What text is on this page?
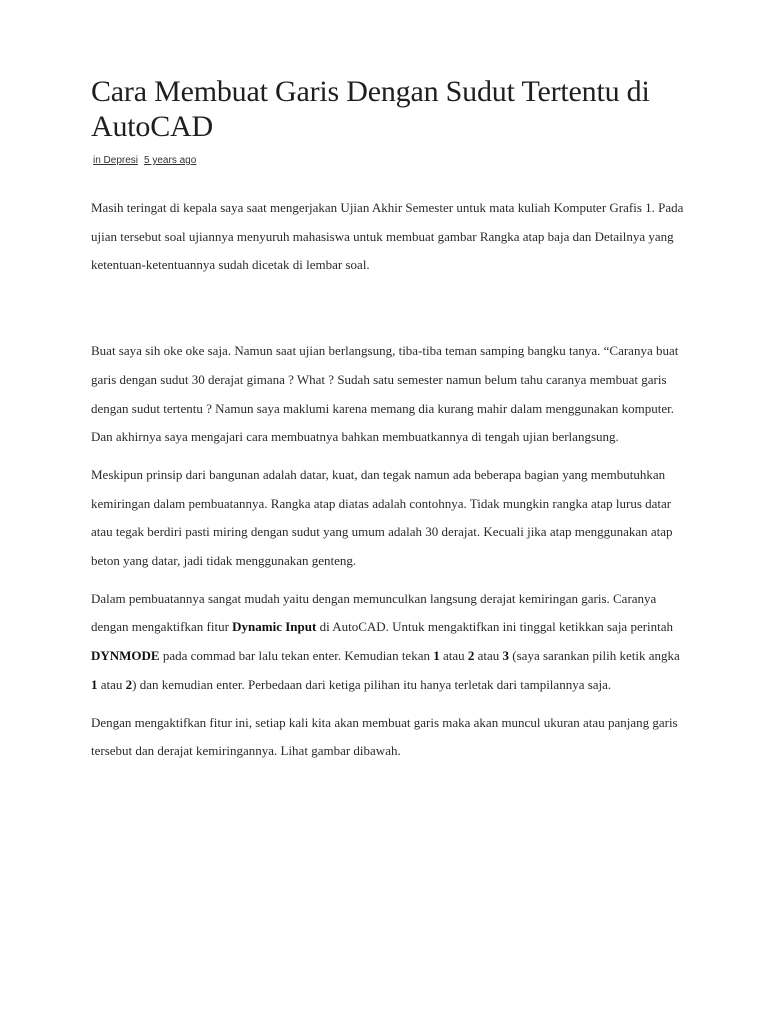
Cara Membuat Garis Dengan Sudut Tertentu di AutoCAD
in Depresi 5 years ago

Masih teringat di kepala saya saat mengerjakan Ujian Akhir Semester untuk mata kuliah Komputer Grafis 1. Pada ujian tersebut soal ujiannya menyuruh mahasiswa untuk membuat gambar Rangka atap baja dan Detailnya yang ketentuan-ketentuannya sudah dicetak di lembar soal.

Buat saya sih oke oke saja. Namun saat ujian berlangsung, tiba-tiba teman samping bangku tanya. “Caranya buat garis dengan sudut 30 derajat gimana ? What ? Sudah satu semester namun belum tahu caranya membuat garis dengan sudut tertentu ? Namun saya maklumi karena memang dia kurang mahir dalam menggunakan komputer. Dan akhirnya saya mengajari cara membuatnya bahkan membuatkannya di tengah ujian berlangsung.

Meskipun prinsip dari bangunan adalah datar, kuat, dan tegak namun ada beberapa bagian yang membutuhkan kemiringan dalam pembuatannya. Rangka atap diatas adalah contohnya. Tidak mungkin rangka atap lurus datar atau tegak berdiri pasti miring dengan sudut yang umum adalah 30 derajat. Kecuali jika atap menggunakan atap beton yang datar, jadi tidak menggunakan genteng.

Dalam pembuatannya sangat mudah yaitu dengan memunculkan langsung derajat kemiringan garis. Caranya dengan mengaktifkan fitur Dynamic Input di AutoCAD. Untuk mengaktifkan ini tinggal ketikkan saja perintah DYNMODE pada commad bar lalu tekan enter. Kemudian tekan 1 atau 2 atau 3 (saya sarankan pilih ketik angka 1 atau 2) dan kemudian enter. Perbedaan dari ketiga pilihan itu hanya terletak dari tampilannya saja.

Dengan mengaktifkan fitur ini, setiap kali kita akan membuat garis maka akan muncul ukuran atau panjang garis tersebut dan derajat kemiringannya. Lihat gambar dibawah.
